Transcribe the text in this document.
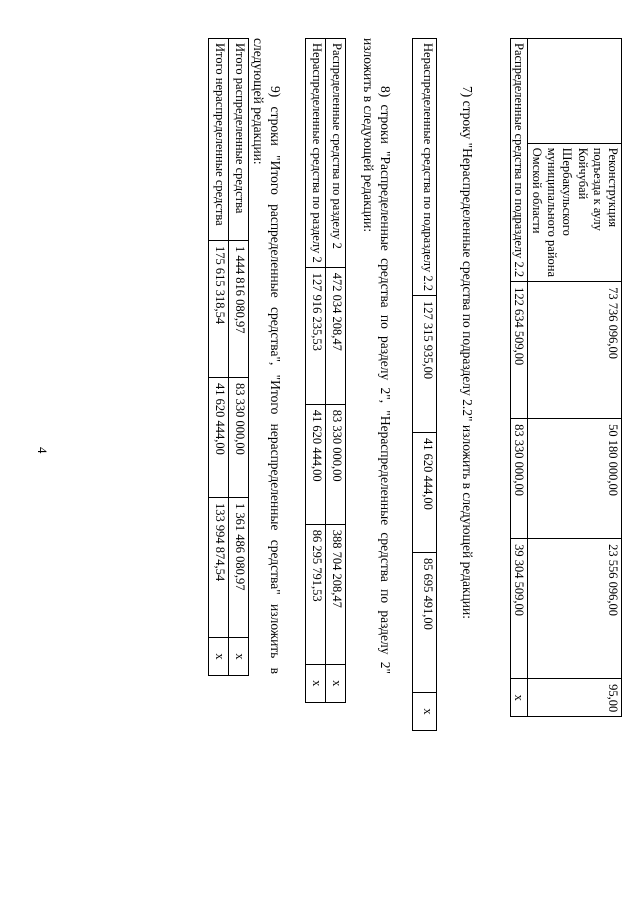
4
	Реконструкция подъезда к аулу Койчубай Шербакульского муниципального района Омской области	73 736 096,00	50 180 000,00	23 556 096,00	95,00
Распределенные средства по подразделу 2.2		122 634 509,00	83 330 000,00	39 304 509,00	x
7) строку "Нераспределенные средства по подразделу 2.2" изложить в следующей редакции:
Нераспределенные средства по подразделу 2.2	127 315 935,00	41 620 444,00	85 695 491,00	x
8) строки "Распределенные средства по разделу 2", "Нераспределенные средства по разделу 2" изложить в следующей редакции:
Распределенные средства по разделу 2	472 034 208,47	83 330 000,00	388 704 208,47	x
Нераспределенные средства по разделу 2	127 916 235,53	41 620 444,00	86 295 791,53	x
9) строки "Итого распределенные средства", "Итого нераспределенные средства" изложить в следующей редакции:
Итого распределенные средства	1 444 816 080,97	83 330 000,00	1 361 486 080,97	x
Итого нераспределенные средства	175 615 318,54	41 620 444,00	133 994 874,54	x
